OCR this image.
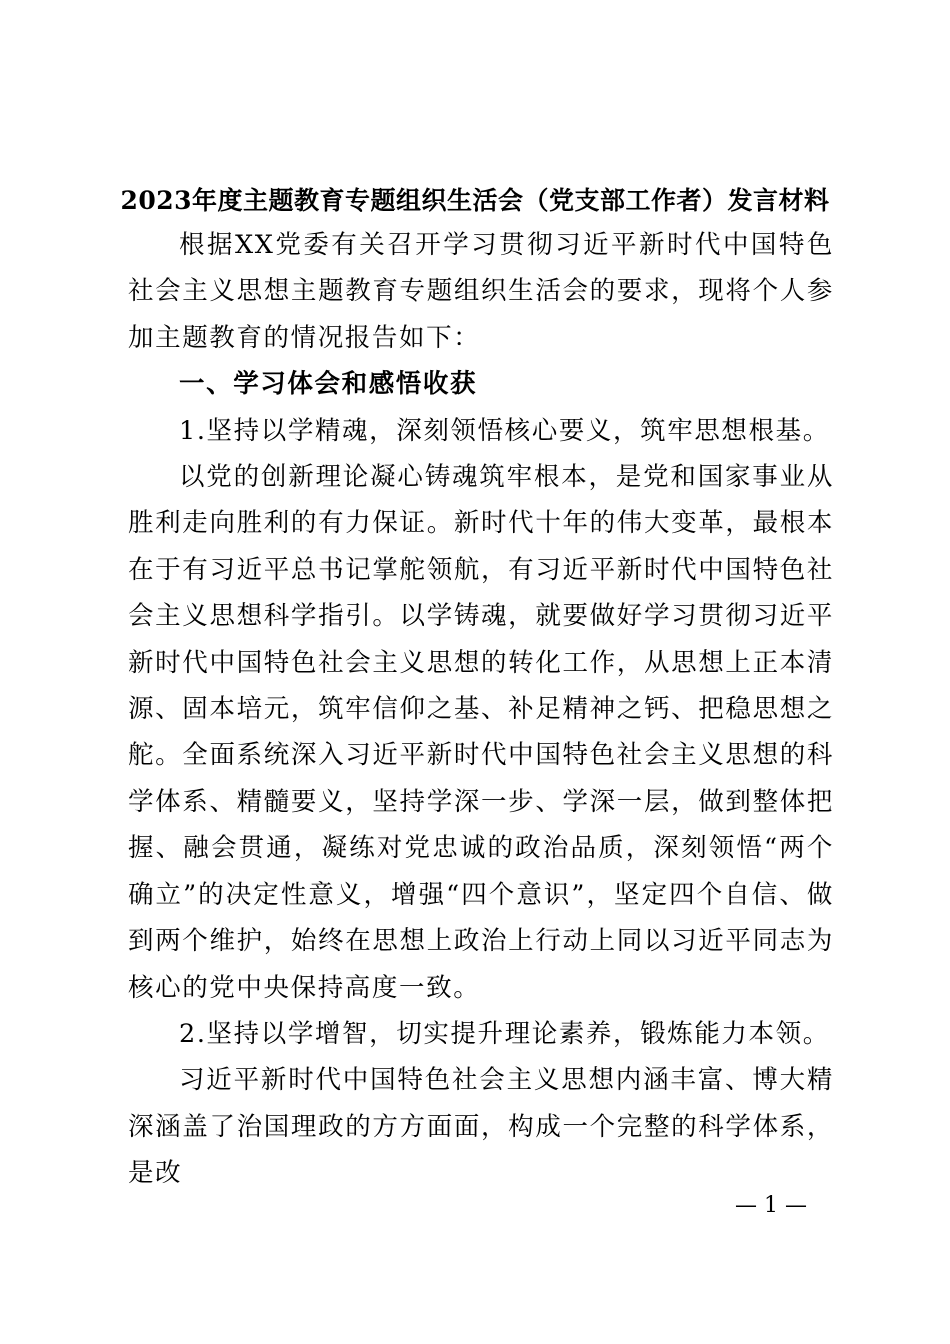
2023年度主题教育专题组织生活会（党支部工作者）发言材料

根据XX党委有关召开学习贯彻习近平新时代中国特色社会主义思想主题教育专题组织生活会的要求，现将个人参加主题教育的情况报告如下：

一、学习体会和感悟收获

1.坚持以学精魂，深刻领悟核心要义，筑牢思想根基。

以党的创新理论凝心铸魂筑牢根本，是党和国家事业从胜利走向胜利的有力保证。新时代十年的伟大变革，最根本在于有习近平总书记掌舵领航，有习近平新时代中国特色社会主义思想科学指引。以学铸魂，就要做好学习贯彻习近平新时代中国特色社会主义思想的转化工作，从思想上正本清源、固本培元，筑牢信仰之基、补足精神之钙、把稳思想之舵。全面系统深入习近平新时代中国特色社会主义思想的科学体系、精髓要义，坚持学深一步、学深一层，做到整体把握、融会贯通，凝练对党忠诚的政治品质，深刻领悟“两个确立”的决定性意义，增强“四个意识”，坚定四个自信、做到两个维护，始终在思想上政治上行动上同以习近平同志为核心的党中央保持高度一致。

2.坚持以学增智，切实提升理论素养，锻炼能力本领。

习近平新时代中国特色社会主义思想内涵丰富、博大精深涵盖了治国理政的方方面面，构成一个完整的科学体系，是改

— 1 —
